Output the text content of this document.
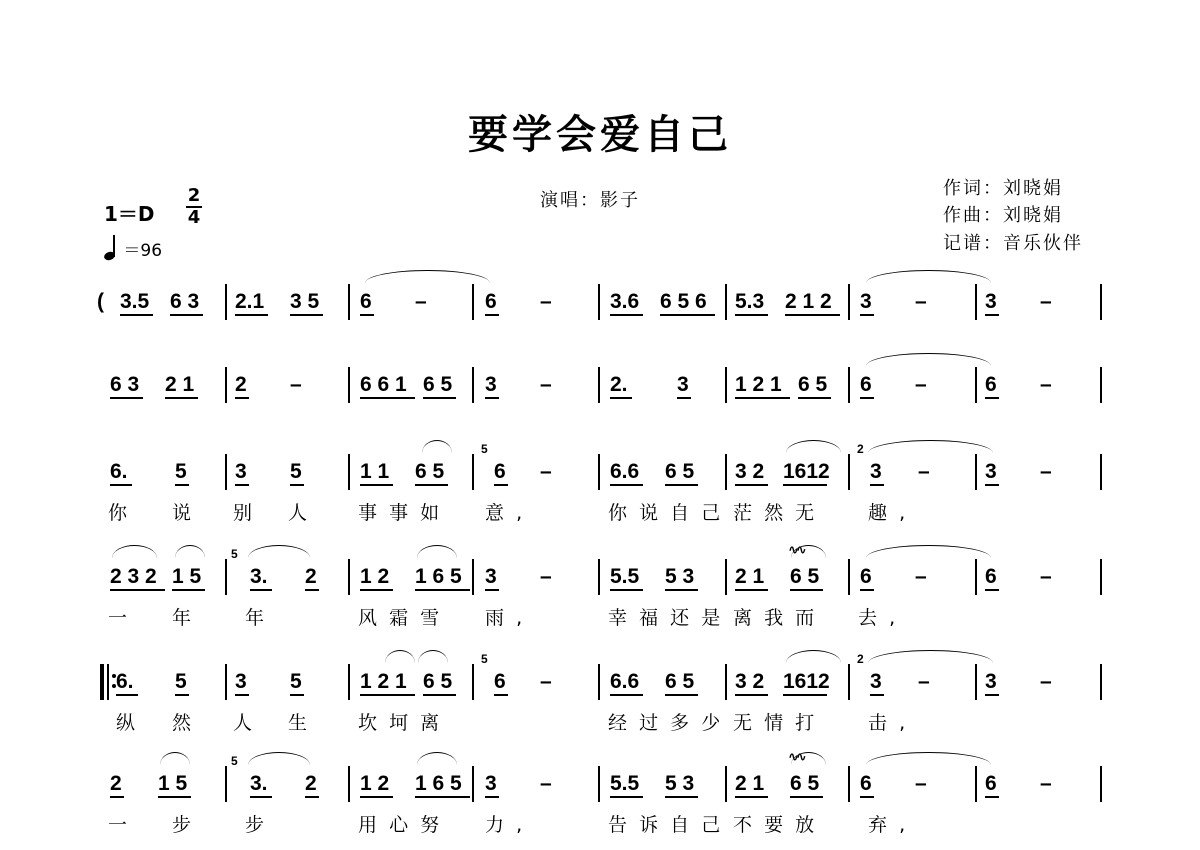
要学会爱自己
演唱：影子
作词：刘晓娟
作曲：刘晓娟
记谱：音乐伙伴
1＝D
2
4
＝96
( 3.5 6 3 2.1 3 5 6 –	6 –	3.6 6 5 6 5.3 2 1 2 3 –	3 –
6 3 2 1 2 –	6 6 1 6 5 3 –	2. 3 1 2 1 6 5 6 –	6 –
6. 5 3 5	1 1 6 5 6 –	6.6 6 5 3 2 1612 3 –	3 –
你 说 别 人	事  事  如 意  ,	你  说  自  己 茫  然  无	趣  ,
2 3 2 1 5 3. 2 1 2 1 6 5 3 –	5.5 5 3 2 1 6 5 6 –	6 –
一 年	年	风  霜  雪 雨  ,	幸  福  还  是 离  我  而 去  ,
6. 5 3 5	1 2 1 6 5 6 –	6.6 6 5 3 2 1612 3 –	3 –
纵 然 人 生	坎  坷  离	经  过  多  少 无  情  打	击  ,
2 1 5	3. 2 1 2 1 6 5 3 –	5.5 5 3 2 1 6 5 6 –	6 –
一 步	步	用  心  努 力  ,	告  诉  自  己 不  要  放	弃  ,
5	2
5
5	2
5
∿∿
∿∿
